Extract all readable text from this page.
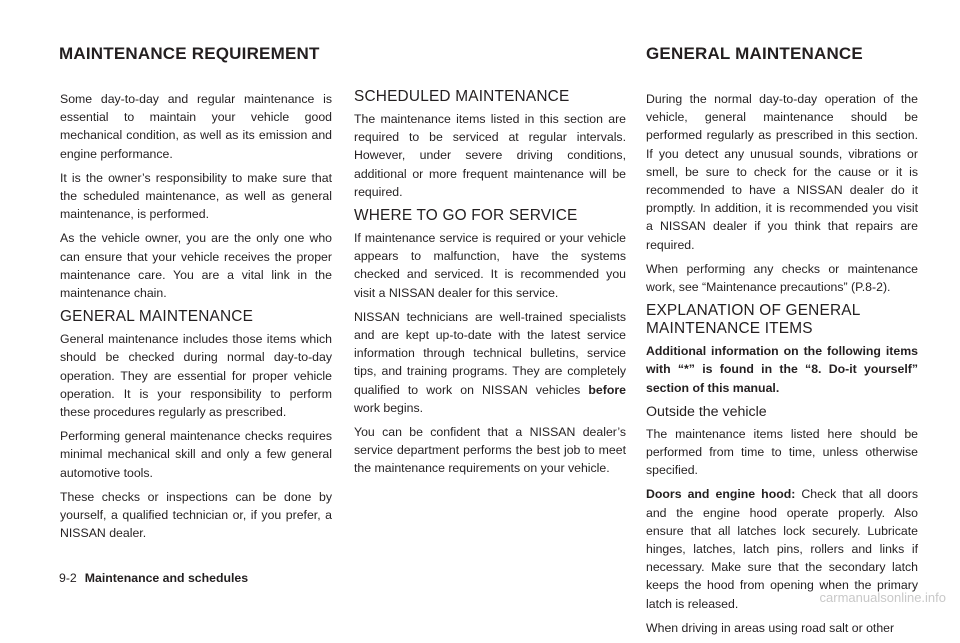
MAINTENANCE REQUIREMENT	GENERAL MAINTENANCE

Some day-to-day and regular maintenance is essential to maintain your vehicle good mechanical condition, as well as its emission and engine performance.

It is the owner’s responsibility to make sure that the scheduled maintenance, as well as general maintenance, is performed.

As the vehicle owner, you are the only one who can ensure that your vehicle receives the proper maintenance care. You are a vital link in the maintenance chain.

GENERAL MAINTENANCE

General maintenance includes those items which should be checked during normal day-to-day operation. They are essential for proper vehicle operation. It is your responsibility to perform these procedures regularly as prescribed.

Performing general maintenance checks requires minimal mechanical skill and only a few general automotive tools.

These checks or inspections can be done by yourself, a qualified technician or, if you prefer, a NISSAN dealer.

SCHEDULED MAINTENANCE

The maintenance items listed in this section are required to be serviced at regular intervals. However, under severe driving conditions, additional or more frequent maintenance will be required.

WHERE TO GO FOR SERVICE

If maintenance service is required or your vehicle appears to malfunction, have the systems checked and serviced. It is recommended you visit a NISSAN dealer for this service.

NISSAN technicians are well-trained specialists and are kept up-to-date with the latest service information through technical bulletins, service tips, and training programs. They are completely qualified to work on NISSAN vehicles before work begins.

You can be confident that a NISSAN dealer’s service department performs the best job to meet the maintenance requirements on your vehicle.

During the normal day-to-day operation of the vehicle, general maintenance should be performed regularly as prescribed in this section. If you detect any unusual sounds, vibrations or smell, be sure to check for the cause or it is recommended to have a NISSAN dealer do it promptly. In addition, it is recommended you visit a NISSAN dealer if you think that repairs are required.

When performing any checks or maintenance work, see “Maintenance precautions” (P.8-2).

EXPLANATION OF GENERAL MAINTENANCE ITEMS

Additional information on the following items with “*” is found in the “8. Do-it yourself” section of this manual.

Outside the vehicle

The maintenance items listed here should be performed from time to time, unless otherwise specified.

Doors and engine hood: Check that all doors and the engine hood operate properly. Also ensure that all latches lock securely. Lubricate hinges, latches, latch pins, rollers and links if necessary. Make sure that the secondary latch keeps the hood from opening when the primary latch is released.

When driving in areas using road salt or other

9-2 Maintenance and schedules
carmanualsonline.info
